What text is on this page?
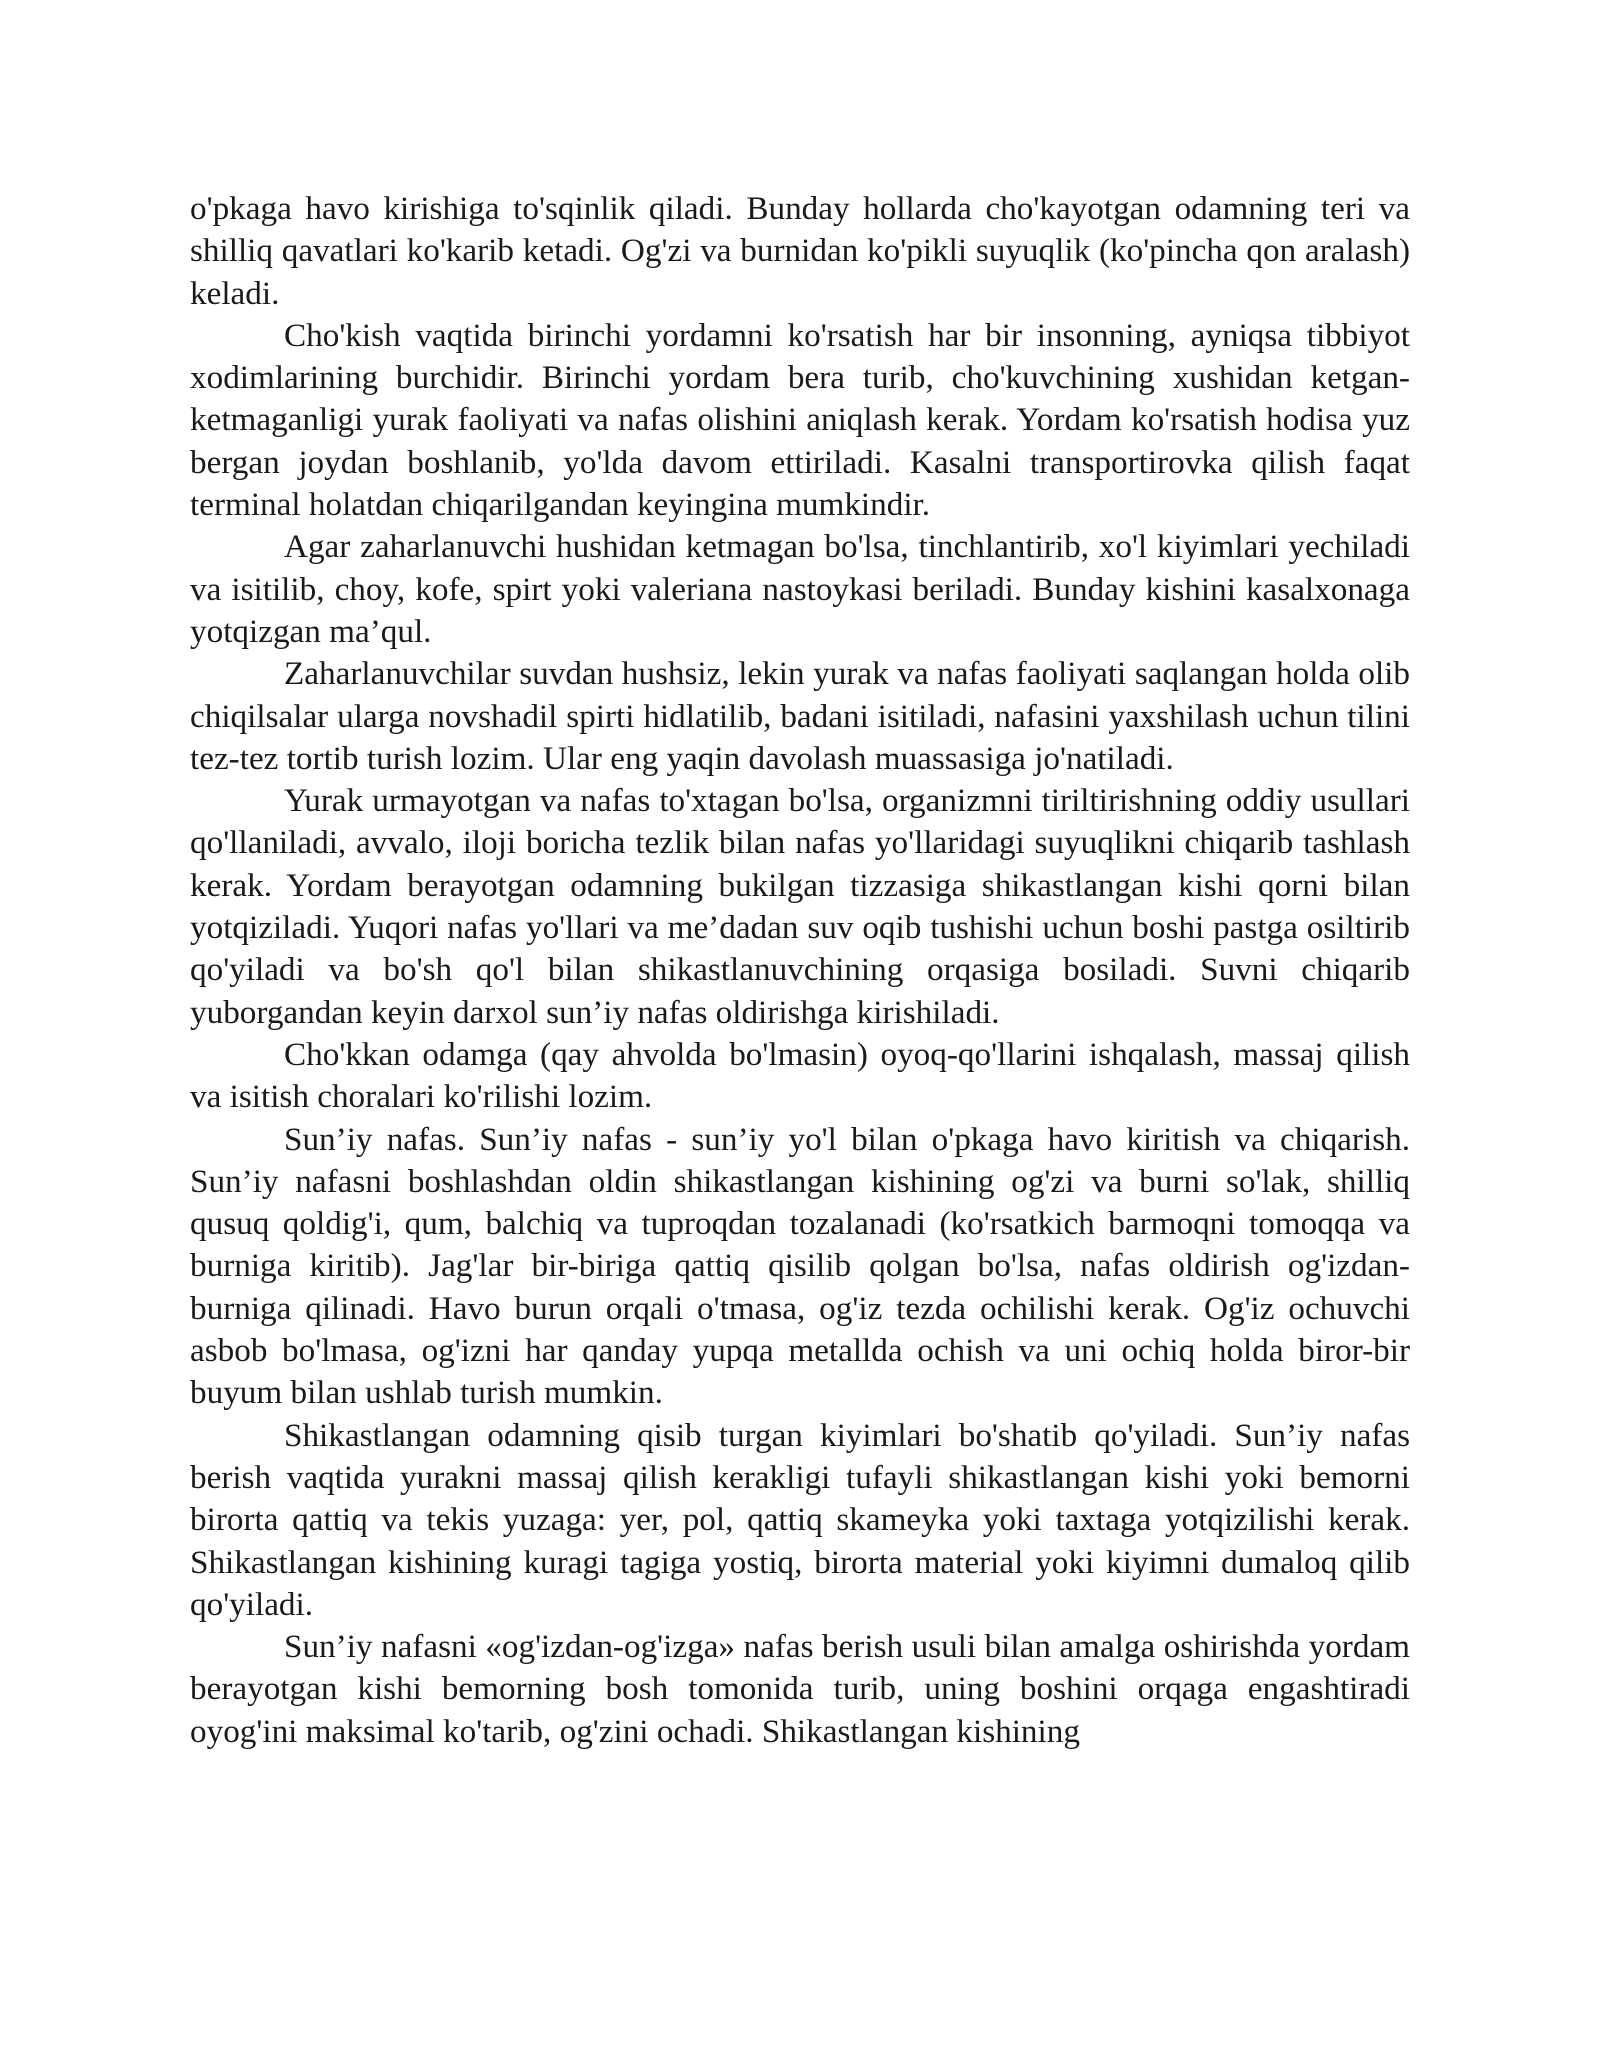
o'pkaga havo kirishiga to'sqinlik qiladi. Bunday hollarda cho'kayotgan odamning teri va shilliq qavatlari ko'karib ketadi. Og'zi va burnidan ko'pikli suyuqlik (ko'pincha qon aralash) keladi.

Cho'kish vaqtida birinchi yordamni ko'rsatish har bir insonning, ayniqsa tibbiyot xodimlarining burchidir. Birinchi yordam bera turib, cho'kuvchining xushidan ketgan-ketmaganligi yurak faoliyati va nafas olishini aniqlash kerak. Yordam ko'rsatish hodisa yuz bergan joydan boshlanib, yo'lda davom ettiriladi. Kasalni transportirovka qilish faqat terminal holatdan chiqarilgandan keyingina mumkindir.

Agar zaharlanuvchi hushidan ketmagan bo'lsa, tinchlantirib, xo'l kiyimlari yechiladi va isitilib, choy, kofe, spirt yoki valeriana nastoykasi beriladi. Bunday kishini kasalxonaga yotqizgan ma’qul.

Zaharlanuvchilar suvdan hushsiz, lekin yurak va nafas faoliyati saqlangan holda olib chiqilsalar ularga novshadil spirti hidlatilib, badani isitiladi, nafasini yaxshilash uchun tilini tez-tez tortib turish lozim. Ular eng yaqin davolash muassasiga jo'natiladi.

Yurak urmayotgan va nafas to'xtagan bo'lsa, organizmni tiriltirishning oddiy usullari qo'llaniladi, avvalo, iloji boricha tezlik bilan nafas yo'llaridagi suyuqlikni chiqarib tashlash kerak. Yordam berayotgan odamning bukilgan tizzasiga shikastlangan kishi qorni bilan yotqiziladi. Yuqori nafas yo'llari va me’dadan suv oqib tushishi uchun boshi pastga osiltirib qo'yiladi va bo'sh qo'l bilan shikastlanuvchining orqasiga bosiladi. Suvni chiqarib yuborgandan keyin darxol sun’iy nafas oldirishga kirishiladi.

Cho'kkan odamga (qay ahvolda bo'lmasin) oyoq-qo'llarini ishqalash, massaj qilish va isitish choralari ko'rilishi lozim.

Sun’iy nafas. Sun’iy nafas - sun’iy yo'l bilan o'pkaga havo kiritish va chiqarish. Sun’iy nafasni boshlashdan oldin shikastlangan kishining og'zi va burni so'lak, shilliq qusuq qoldig'i, qum, balchiq va tuproqdan tozalanadi (ko'rsatkich barmoqni tomoqqa va burniga kiritib). Jag'lar bir-biriga qattiq qisilib qolgan bo'lsa, nafas oldirish og'izdan-burniga qilinadi. Havo burun orqali o'tmasa, og'iz tezda ochilishi kerak. Og'iz ochuvchi asbob bo'lmasa, og'izni har qanday yupqa metallda ochish va uni ochiq holda biror-bir buyum bilan ushlab turish mumkin.

Shikastlangan odamning qisib turgan kiyimlari bo'shatib qo'yiladi. Sun’iy nafas berish vaqtida yurakni massaj qilish kerakligi tufayli shikastlangan kishi yoki bemorni birorta qattiq va tekis yuzaga: yer, pol, qattiq skameyka yoki taxtaga yotqizilishi kerak. Shikastlangan kishining kuragi tagiga yostiq, birorta material yoki kiyimni dumaloq qilib qo'yiladi.

Sun’iy nafasni «og'izdan-og'izga» nafas berish usuli bilan amalga oshirishda yordam berayotgan kishi bemorning bosh tomonida turib, uning boshini orqaga engashtiradi oyog'ini maksimal ko'tarib, og'zini ochadi. Shikastlangan kishining
